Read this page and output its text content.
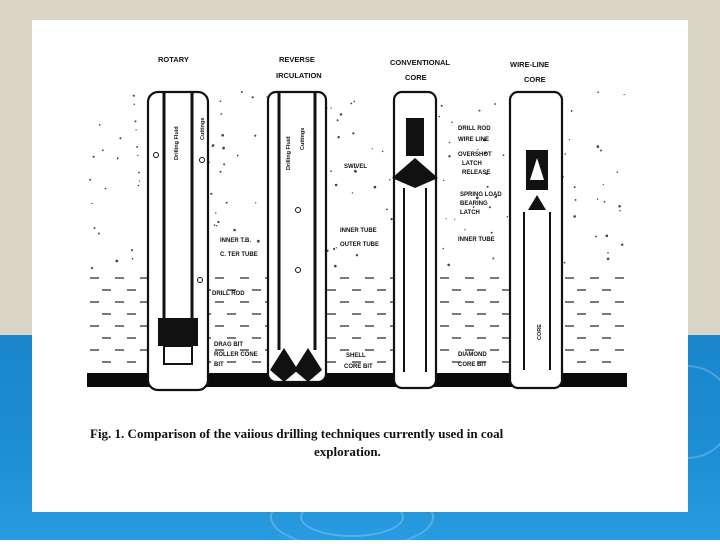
ROTARY	REVERSE
IRCULATION
CONVENTIONAL
CORE
WIRE-LINE
CORE
Drilling Fluid	Cuttings
INNER T.B.
C. TER TUBE
DRILL ROD
DRAG BIT
ROLLER CONE
BIT
Drilling Fluid Cuttings
SWIVEL
INNER TUBE
OUTER TUBE
SHELL
CORE BIT
CORE
DRILL ROD
WIRE LINE
OVERSHOT
LATCH
RELEASE
SPRING LOAD
BEARING
LATCH
INNER TUBE
DIAMOND
CORE BIT
Fig. 1. Comparison of the vaiious drilling techniques currently used in coal
exploration.
